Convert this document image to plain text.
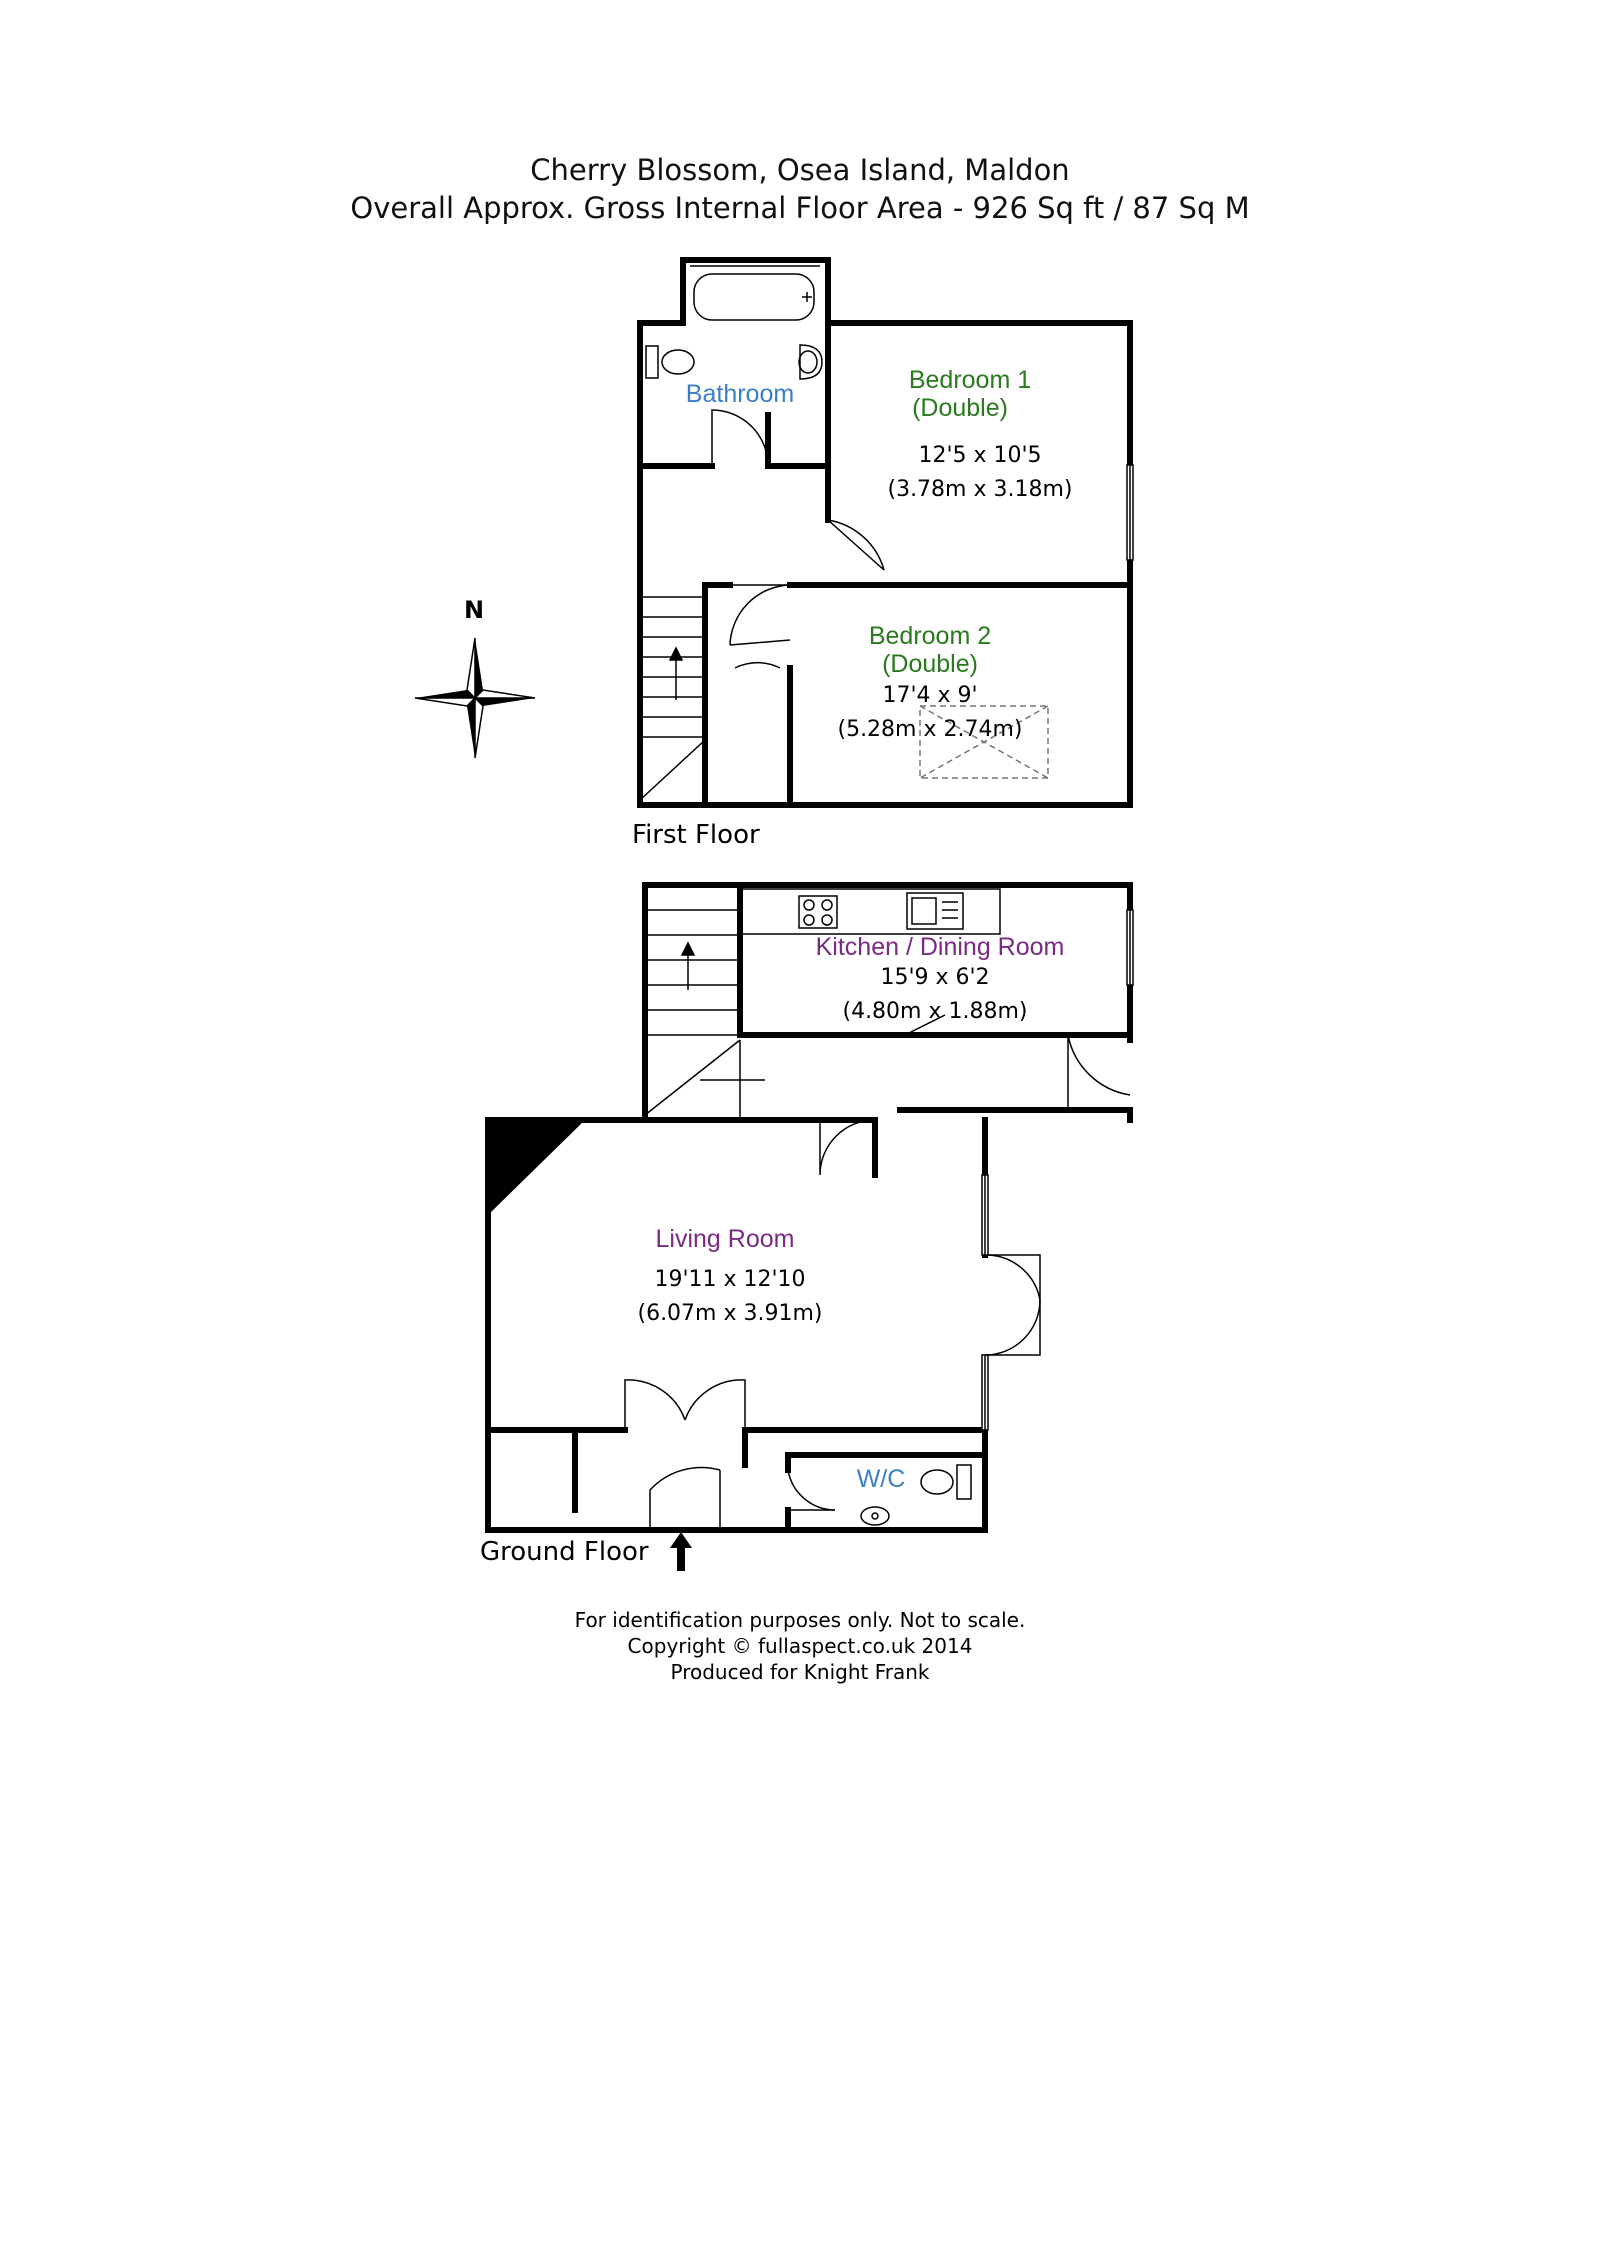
Cherry Blossom, Osea Island, Maldon
Overall Approx. Gross Internal Floor Area - 926 Sq ft / 87 Sq M
N
Bathroom	Bedroom 1
(Double)
12'5 x 10'5
(3.78m x 3.18m)
Bedroom 2
(Double)
17'4 x 9'
(5.28m x 2.74m)
First Floor
Kitchen / Dining Room
15'9 x 6'2
(4.80m x 1.88m)
Living Room
19'11 x 12'10
(6.07m x 3.91m)
W/C
Ground Floor
For identification purposes only. Not to scale.
Copyright © fullaspect.co.uk 2014
Produced for Knight Frank
